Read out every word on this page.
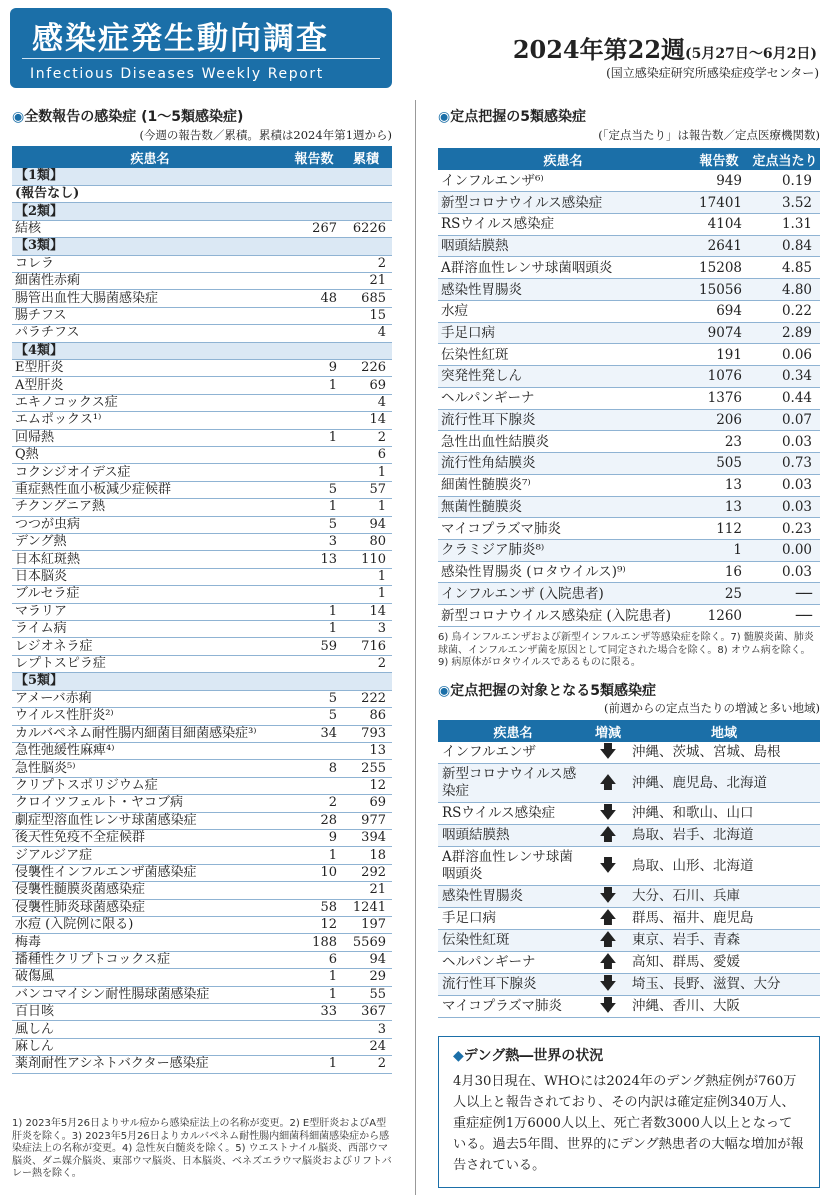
感染症発生動向調査
Infectious Diseases Weekly Report
2024年第22週(5月27日～6月2日)
(国立感染症研究所感染症疫学センター)
◉全数報告の感染症 (1～5類感染症)
(今週の報告数／累積。累積は2024年第1週から)
疾患名	報告数	累積
【1類】		
(報告なし)		
【2類】		
結核	267	6226
【3類】		
コレラ		2
細菌性赤痢		21
腸管出血性大腸菌感染症	48	685
腸チフス		15
パラチフス		4
【4類】		
E型肝炎	9	226
A型肝炎	1	69
エキノコックス症		4
エムポックス¹⁾		14
回帰熱	1	2
Q熱		6
コクシジオイデス症		1
重症熱性血小板減少症候群	5	57
チクングニア熱	1	1
つつが虫病	5	94
デング熱	3	80
日本紅斑熱	13	110
日本脳炎		1
ブルセラ症		1
マラリア	1	14
ライム病	1	3
レジオネラ症	59	716
レプトスピラ症		2
【5類】		
アメーバ赤痢	5	222
ウイルス性肝炎²⁾	5	86
カルバペネム耐性腸内細菌目細菌感染症³⁾	34	793
急性弛緩性麻痺⁴⁾		13
急性脳炎⁵⁾	8	255
クリプトスポリジウム症		12
クロイツフェルト・ヤコブ病	2	69
劇症型溶血性レンサ球菌感染症	28	977
後天性免疫不全症候群	9	394
ジアルジア症	1	18
侵襲性インフルエンザ菌感染症	10	292
侵襲性髄膜炎菌感染症		21
侵襲性肺炎球菌感染症	58	1241
水痘 (入院例に限る)	12	197
梅毒	188	5569
播種性クリプトコックス症	6	94
破傷風	1	29
バンコマイシン耐性腸球菌感染症	1	55
百日咳	33	367
風しん		3
麻しん		24
薬剤耐性アシネトバクター感染症	1	2
1) 2023年5月26日よりサル痘から感染症法上の名称が変更。2) E型肝炎およびA型肝炎を除く。3) 2023年5月26日よりカルバペネム耐性腸内細菌科細菌感染症から感染症法上の名称が変更。4) 急性灰白髄炎を除く。5) ウエストナイル脳炎、西部ウマ脳炎、ダニ媒介脳炎、東部ウマ脳炎、日本脳炎、ベネズエラウマ脳炎およびリフトバレー熱を除く。
◉定点把握の5類感染症
(「定点当たり」は報告数／定点医療機関数)
疾患名	報告数	定点当たり
インフルエンザ⁶⁾	949	0.19
新型コロナウイルス感染症	17401	3.52
RSウイルス感染症	4104	1.31
咽頭結膜熱	2641	0.84
A群溶血性レンサ球菌咽頭炎	15208	4.85
感染性胃腸炎	15056	4.80
水痘	694	0.22
手足口病	9074	2.89
伝染性紅斑	191	0.06
突発性発しん	1076	0.34
ヘルパンギーナ	1376	0.44
流行性耳下腺炎	206	0.07
急性出血性結膜炎	23	0.03
流行性角結膜炎	505	0.73
細菌性髄膜炎⁷⁾	13	0.03
無菌性髄膜炎	13	0.03
マイコプラズマ肺炎	112	0.23
クラミジア肺炎⁸⁾	1	0.00
感染性胃腸炎 (ロタウイルス)⁹⁾	16	0.03
インフルエンザ (入院患者)	25	──
新型コロナウイルス感染症 (入院患者)	1260	──
6) 鳥インフルエンザおよび新型インフルエンザ等感染症を除く。7) 髄膜炎菌、肺炎球菌、インフルエンザ菌を原因として同定された場合を除く。8) オウム病を除く。9) 病原体がロタウイルスであるものに限る。
◉定点把握の対象となる5類感染症
(前週からの定点当たりの増減と多い地域)
疾患名	増減	地域
インフルエンザ	🡇	沖縄、茨城、宮城、島根
新型コロナウイルス感染症	🡅	沖縄、鹿児島、北海道
RSウイルス感染症	🡇	沖縄、和歌山、山口
咽頭結膜熱	🡅	鳥取、岩手、北海道
A群溶血性レンサ球菌咽頭炎	🡇	鳥取、山形、北海道
感染性胃腸炎	🡇	大分、石川、兵庫
手足口病	🡅	群馬、福井、鹿児島
伝染性紅斑	🡅	東京、岩手、青森
ヘルパンギーナ	🡅	高知、群馬、愛媛
流行性耳下腺炎	🡇	埼玉、長野、滋賀、大分
マイコプラズマ肺炎	🡇	沖縄、香川、大阪
◆デング熱―世界の状況
4月30日現在、WHOには2024年のデング熱症例が760万人以上と報告されており、その内訳は確定症例340万人、重症症例1万6000人以上、死亡者数3000人以上となっている。過去5年間、世界的にデング熱患者の大幅な増加が報告されている。
